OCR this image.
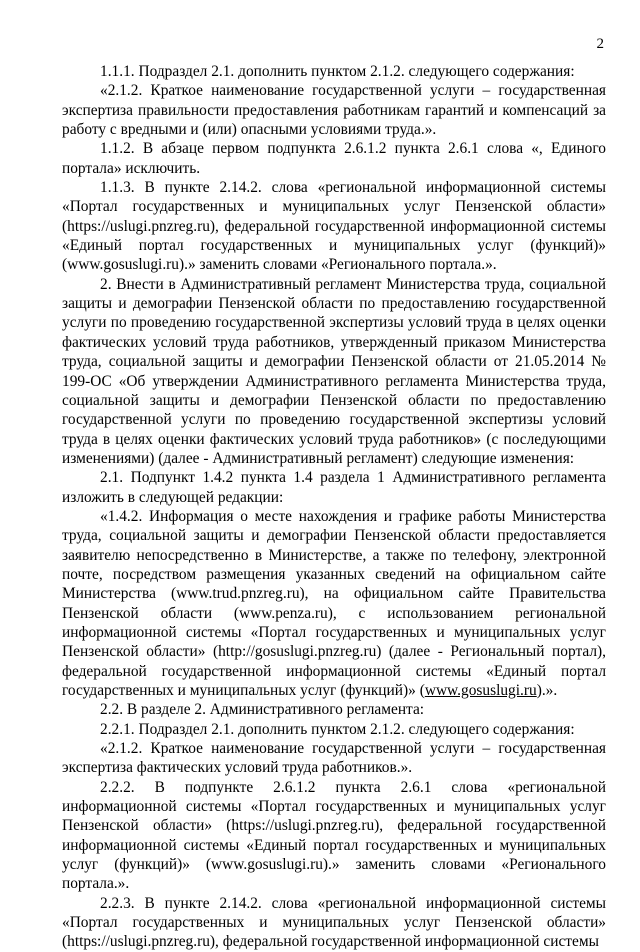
2

1.1.1. Подраздел 2.1. дополнить пунктом 2.1.2. следующего содержания:

«2.1.2. Краткое наименование государственной услуги – государственная экспертиза правильности предоставления работникам гарантий и компенсаций за работу с вредными и (или) опасными условиями труда.».

1.1.2. В абзаце первом подпункта 2.6.1.2 пункта 2.6.1 слова «, Единого портала» исключить.

1.1.3. В пункте 2.14.2. слова «региональной информационной системы «Портал государственных и муниципальных услуг Пензенской области» (https://uslugi.pnzreg.ru), федеральной государственной информационной системы «Единый портал государственных и муниципальных услуг (функций)» (www.gosuslugi.ru).» заменить словами «Регионального портала.».

2. Внести в Административный регламент Министерства труда, социальной защиты и демографии Пензенской области по предоставлению государственной услуги по проведению государственной экспертизы условий труда в целях оценки фактических условий труда работников, утвержденный приказом Министерства труда, социальной защиты и демографии Пензенской области от 21.05.2014 № 199-ОС «Об утверждении Административного регламента Министерства труда, социальной защиты и демографии Пензенской области по предоставлению государственной услуги по проведению государственной экспертизы условий труда в целях оценки фактических условий труда работников» (с последующими изменениями) (далее - Административный регламент) следующие изменения:

2.1. Подпункт 1.4.2 пункта 1.4 раздела 1 Административного регламента изложить в следующей редакции:

«1.4.2. Информация о месте нахождения и графике работы Министерства труда, социальной защиты и демографии Пензенской области предоставляется заявителю непосредственно в Министерстве, а также по телефону, электронной почте, посредством размещения указанных сведений на официальном сайте Министерства (www.trud.pnzreg.ru), на официальном сайте Правительства Пензенской области (www.penza.ru), с использованием региональной информационной системы «Портал государственных и муниципальных услуг Пензенской области» (http://gosuslugi.pnzreg.ru) (далее - Региональный портал), федеральной государственной информационной системы «Единый портал государственных и муниципальных услуг (функций)» (www.gosuslugi.ru).».

2.2. В разделе 2. Административного регламента:

2.2.1. Подраздел 2.1. дополнить пунктом 2.1.2. следующего содержания:

«2.1.2. Краткое наименование государственной услуги – государственная экспертиза фактических условий труда работников.».

2.2.2. В подпункте 2.6.1.2 пункта 2.6.1 слова «региональной информационной системы «Портал государственных и муниципальных услуг Пензенской области» (https://uslugi.pnzreg.ru), федеральной государственной информационной системы «Единый портал государственных и муниципальных услуг (функций)» (www.gosuslugi.ru).» заменить словами «Регионального портала.».

2.2.3. В пункте 2.14.2. слова «региональной информационной системы «Портал государственных и муниципальных услуг Пензенской области» (https://uslugi.pnzreg.ru), федеральной государственной информационной системы
